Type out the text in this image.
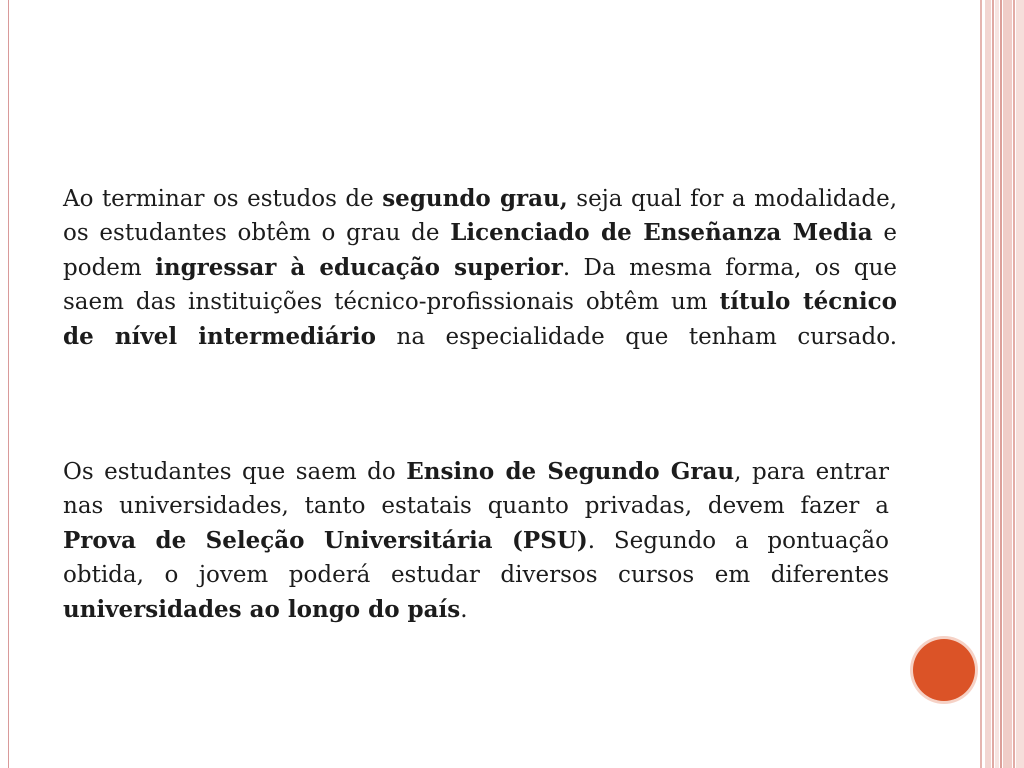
Ao terminar os estudos de segundo grau, seja qual for a modalidade, os estudantes obtêm o grau de Licenciado de Enseñanza Media e podem ingressar à educação superior. Da mesma forma, os que saem das instituições técnico-profissionais obtêm um título técnico de nível intermediário na especialidade que tenham cursado.

Os estudantes que saem do Ensino de Segundo Grau, para entrar nas universidades, tanto estatais quanto privadas, devem fazer a Prova de Seleção Universitária (PSU). Segundo a pontuação obtida, o jovem poderá estudar diversos cursos em diferentes universidades ao longo do país.
